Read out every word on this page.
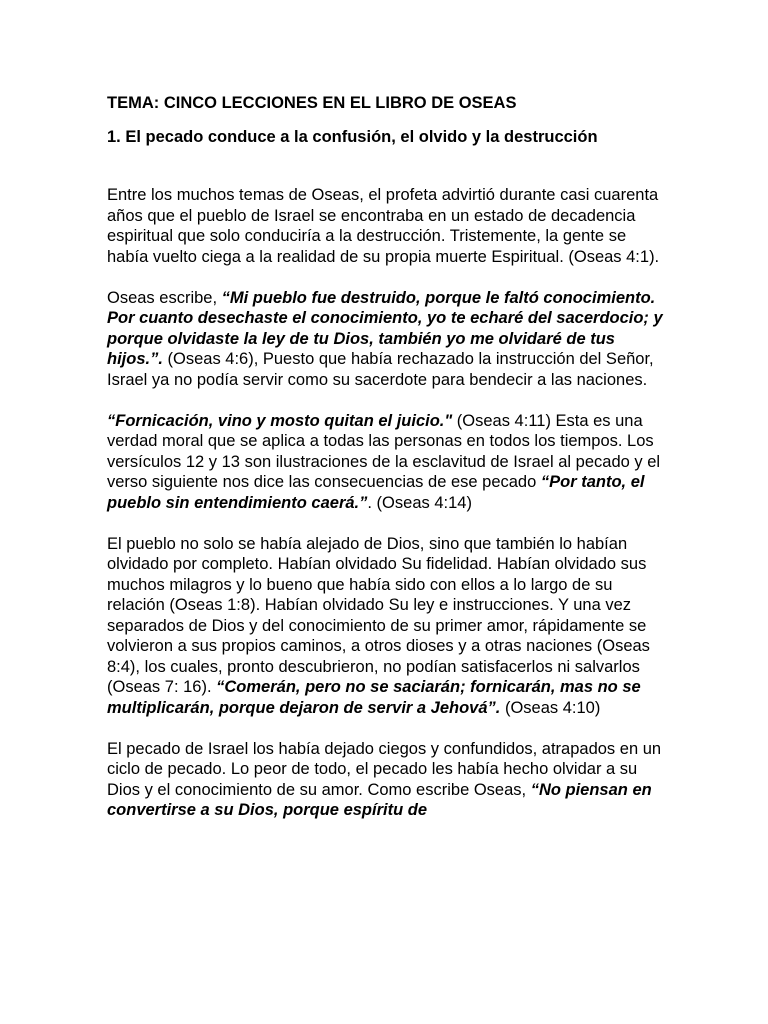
TEMA: CINCO LECCIONES EN EL LIBRO DE OSEAS
1. El pecado conduce a la confusión, el olvido y la destrucción

Entre los muchos temas de Oseas, el profeta advirtió durante casi cuarenta años que el pueblo de Israel se encontraba en un estado de decadencia espiritual que solo conduciría a la destrucción. Tristemente, la gente se había vuelto ciega a la realidad de su propia muerte Espiritual. (Oseas 4:1).

Oseas escribe, “Mi pueblo fue destruido, porque le faltó conocimiento. Por cuanto desechaste el conocimiento, yo te echaré del sacerdocio; y porque olvidaste la ley de tu Dios, también yo me olvidaré de tus hijos.”. (Oseas 4:6), Puesto que había rechazado la instrucción del Señor, Israel ya no podía servir como su sacerdote para bendecir a las naciones.

“Fornicación, vino y mosto quitan el juicio." (Oseas 4:11) Esta es una verdad moral que se aplica a todas las personas en todos los tiempos. Los versículos 12 y 13 son ilustraciones de la esclavitud de Israel al pecado y el verso siguiente nos dice las consecuencias de ese pecado “Por tanto, el pueblo sin entendimiento caerá.”. (Oseas 4:14)

El pueblo no solo se había alejado de Dios, sino que también lo habían olvidado por completo. Habían olvidado Su fidelidad. Habían olvidado sus muchos milagros y lo bueno que había sido con ellos a lo largo de su relación (Oseas 1:8). Habían olvidado Su ley e instrucciones. Y una vez separados de Dios y del conocimiento de su primer amor, rápidamente se volvieron a sus propios caminos, a otros dioses y a otras naciones (Oseas 8:4), los cuales, pronto descubrieron, no podían satisfacerlos ni salvarlos (Oseas 7: 16). “Comerán, pero no se saciarán; fornicarán, mas no se multiplicarán, porque dejaron de servir a Jehová”. (Oseas 4:10)

El pecado de Israel los había dejado ciegos y confundidos, atrapados en un ciclo de pecado. Lo peor de todo, el pecado les había hecho olvidar a su Dios y el conocimiento de su amor. Como escribe Oseas, “No piensan en convertirse a su Dios, porque espíritu de
